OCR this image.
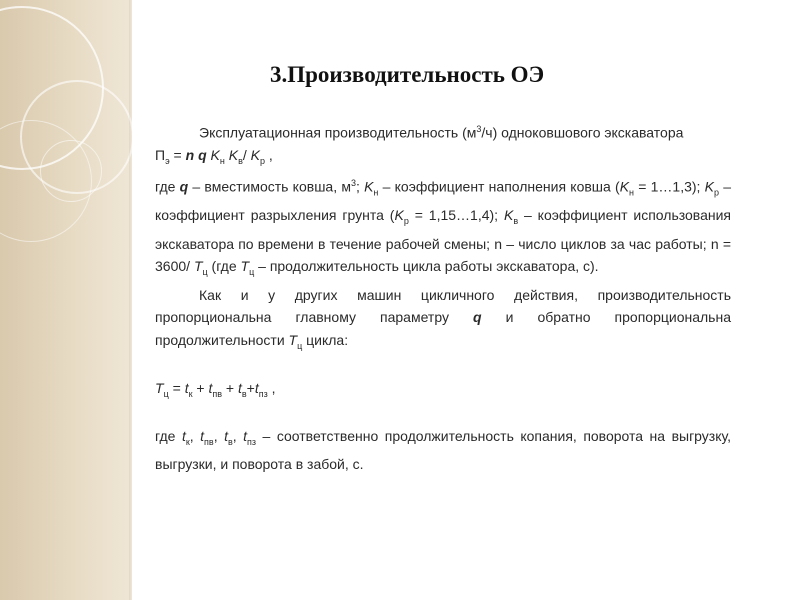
3.Производительность ОЭ

Эксплуатационная производительность $(м^3/ч)$ одноковшового экскаватора

$П_э = n$ q $K_н$ $K_в/$ $K_р$ ,

где q – вместимость ковша, $м^3$; $K_н$ – коэффициент наполнения ковша ($K_н$ = 1…1,3); $K_р$ – коэффициент разрыхления грунта ($K_р$ = 1,15…1,4); $K_в$ – коэффициент использования экскаватора по времени в течение рабочей смены; n – число циклов за час работы; n = 3600/ $T_ц$ (где $T_ц$ – продолжительность цикла работы экскаватора, с).

Как и у других машин цикличного действия, производительность пропорциональна главному параметру q и обратно пропорциональна продолжительности $T_ц$ цикла:

$T_ц = t_к + t_{пв} + t_в+t_{пз}$ ,

где $t_к$, $t_{пв}$, $t_в$, $t_{пз}$ – соответственно продолжительность копания, поворота на выгрузку, выгрузки, и поворота в забой, с.
